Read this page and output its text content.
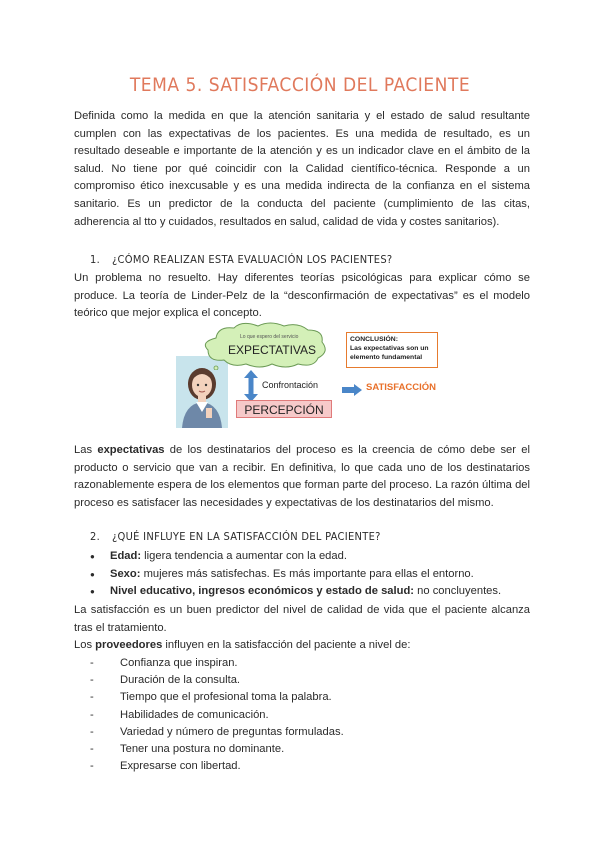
TEMA 5. SATISFACCIÓN DEL PACIENTE

Definida como la medida en que la atención sanitaria y el estado de salud resultante cumplen con las expectativas de los pacientes. Es una medida de resultado, es un resultado deseable e importante de la atención y es un indicador clave en el ámbito de la salud. No tiene por qué coincidir con la Calidad científico-técnica. Responde a un compromiso ético inexcusable y es una medida indirecta de la confianza en el sistema sanitario. Es un predictor de la conducta del paciente (cumplimiento de las citas, adherencia al tto y cuidados, resultados en salud, calidad de vida y costes sanitarios).

1. ¿CÓMO REALIZAN ESTA EVALUACIÓN LOS PACIENTES?

Un problema no resuelto. Hay diferentes teorías psicológicas para explicar cómo se produce. La teoría de Linder-Pelz de la “desconfirmación de expectativas” es el modelo teórico que mejor explica el concepto.

Lo que espero del servicio
EXPECTATIVAS
CONCLUSIÓN:
Las expectativas son un elemento fundamental
Confrontación	SATISFACCIÓN
PERCEPCIÓN

Las expectativas de los destinatarios del proceso es la creencia de cómo debe ser el producto o servicio que van a recibir. En definitiva, lo que cada uno de los destinatarios razonablemente espera de los elementos que forman parte del proceso. La razón última del proceso es satisfacer las necesidades y expectativas de los destinatarios del mismo.

2. ¿QUÉ INFLUYE EN LA SATISFACCIÓN DEL PACIENTE?
● Edad: ligera tendencia a aumentar con la edad.
● Sexo: mujeres más satisfechas. Es más importante para ellas el entorno.
● Nivel educativo, ingresos económicos y estado de salud: no concluyentes.

La satisfacción es un buen predictor del nivel de calidad de vida que el paciente alcanza tras el tratamiento.

Los proveedores influyen en la satisfacción del paciente a nivel de:

- Confianza que inspiran.
- Duración de la consulta.
- Tiempo que el profesional toma la palabra.
- Habilidades de comunicación.
- Variedad y número de preguntas formuladas.
- Tener una postura no dominante.
- Expresarse con libertad.
